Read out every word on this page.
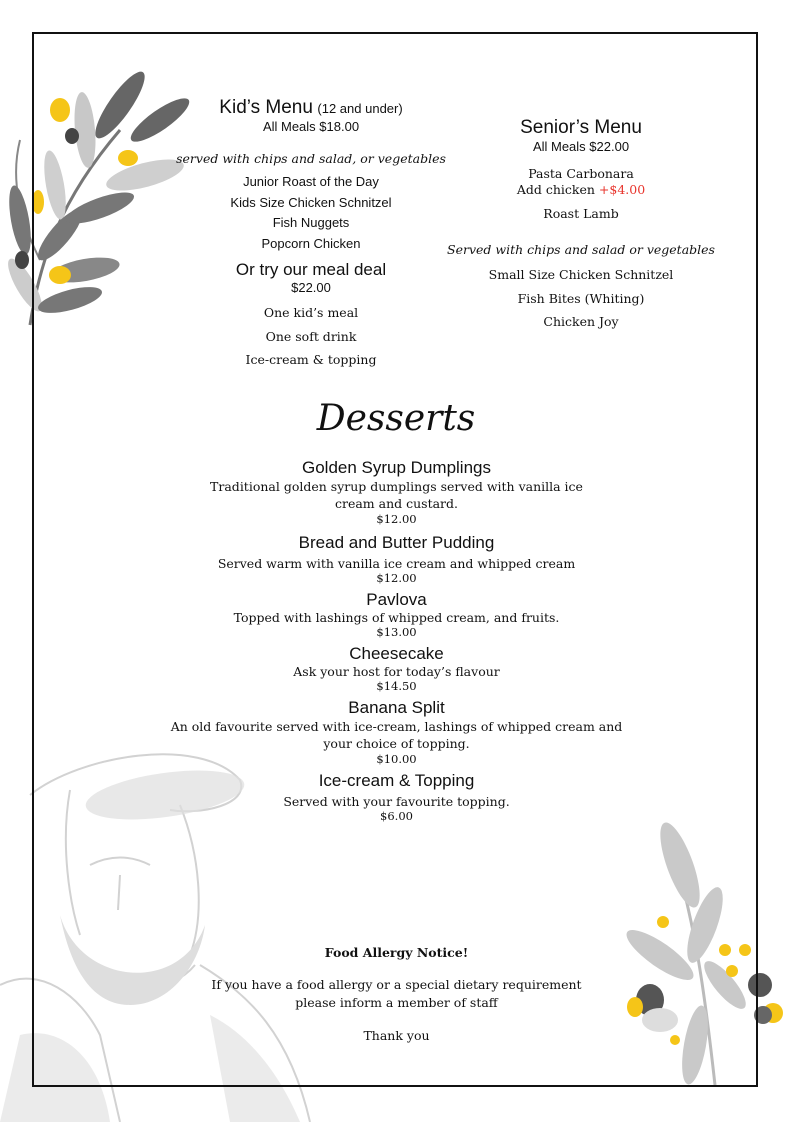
Kid’s Menu (12 and under)
All Meals $18.00
served with chips and salad, or vegetables
Junior Roast of the Day
Kids Size Chicken Schnitzel
Fish Nuggets
Popcorn Chicken
Or try our meal deal
$22.00
One kid’s meal
One soft drink
Ice-cream & topping
Senior’s Menu
All Meals $22.00
Pasta Carbonara
Add chicken +$4.00
Roast Lamb
Served with chips and salad or vegetables
Small Size Chicken Schnitzel
Fish Bites (Whiting)
Chicken Joy
Desserts
Golden Syrup Dumplings
Traditional golden syrup dumplings served with vanilla ice cream and custard.
$12.00
Bread and Butter Pudding
Served warm with vanilla ice cream and whipped cream
$12.00
Pavlova
Topped with lashings of whipped cream, and fruits.
$13.00
Cheesecake
Ask your host for today’s flavour
$14.50
Banana Split
An old favourite served with ice-cream, lashings of whipped cream and your choice of topping.
$10.00
Ice-cream & Topping
Served with your favourite topping.
$6.00
Food Allergy Notice!
If you have a food allergy or a special dietary requirement
please inform a member of staff
Thank you
